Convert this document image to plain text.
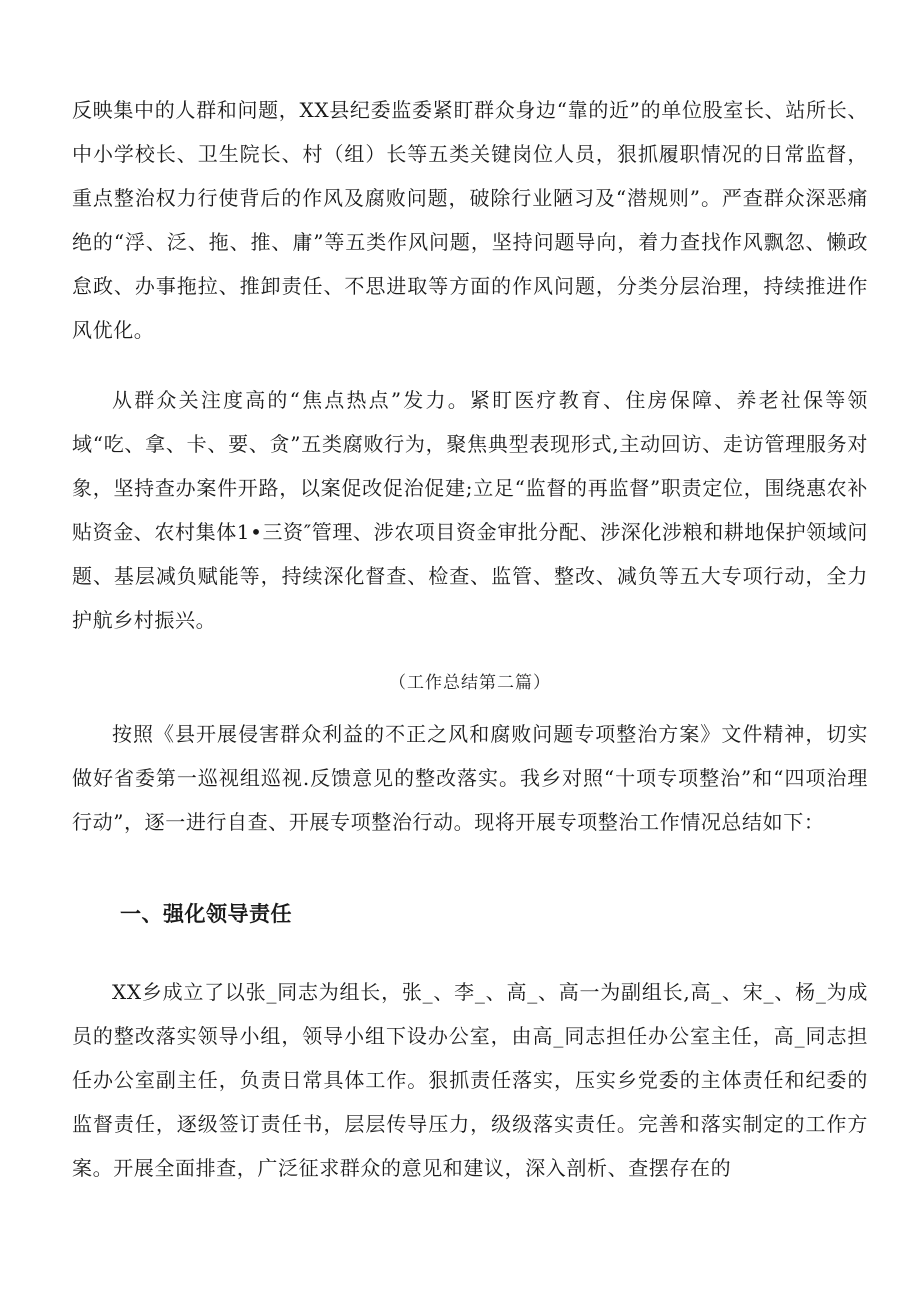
反映集中的人群和问题，XX县纪委监委紧盯群众身边“靠的近”的单位股室长、站所长、中小学校长、卫生院长、村（组）长等五类关键岗位人员，狠抓履职情况的日常监督，重点整治权力行使背后的作风及腐败问题，破除行业陋习及“潜规则”。严查群众深恶痛绝的“浮、泛、拖、推、庸”等五类作风问题，坚持问题导向，着力查找作风飘忽、懒政怠政、办事拖拉、推卸责任、不思进取等方面的作风问题，分类分层治理，持续推进作风优化。

从群众关注度高的“焦点热点”发力。紧盯医疗教育、住房保障、养老社保等领域“吃、拿、卡、要、贪”五类腐败行为，聚焦典型表现形式,主动回访、走访管理服务对象，坚持查办案件开路，以案促改促治促建;立足“监督的再监督”职责定位，围绕惠农补贴资金、农村集体1•三资″管理、涉农项目资金审批分配、涉深化涉粮和耕地保护领域问题、基层减负赋能等，持续深化督查、检查、监管、整改、减负等五大专项行动，全力护航乡村振兴。

（工作总结第二篇）

按照《县开展侵害群众利益的不正之风和腐败问题专项整治方案》文件精神，切实做好省委第一巡视组巡视.反馈意见的整改落实。我乡对照“十项专项整治”和“四项治理行动”，逐一进行自查、开展专项整治行动。现将开展专项整治工作情况总结如下：

一、强化领导责任

XX乡成立了以张_同志为组长，张_、李_、高_、高一为副组长,高_、宋_、杨_为成员的整改落实领导小组，领导小组下设办公室，由高_同志担任办公室主任，高_同志担任办公室副主任，负责日常具体工作。狠抓责任落实，压实乡党委的主体责任和纪委的监督责任，逐级签订责任书，层层传导压力，级级落实责任。完善和落实制定的工作方案。开展全面排查，广泛征求群众的意见和建议，深入剖析、查摆存在的
